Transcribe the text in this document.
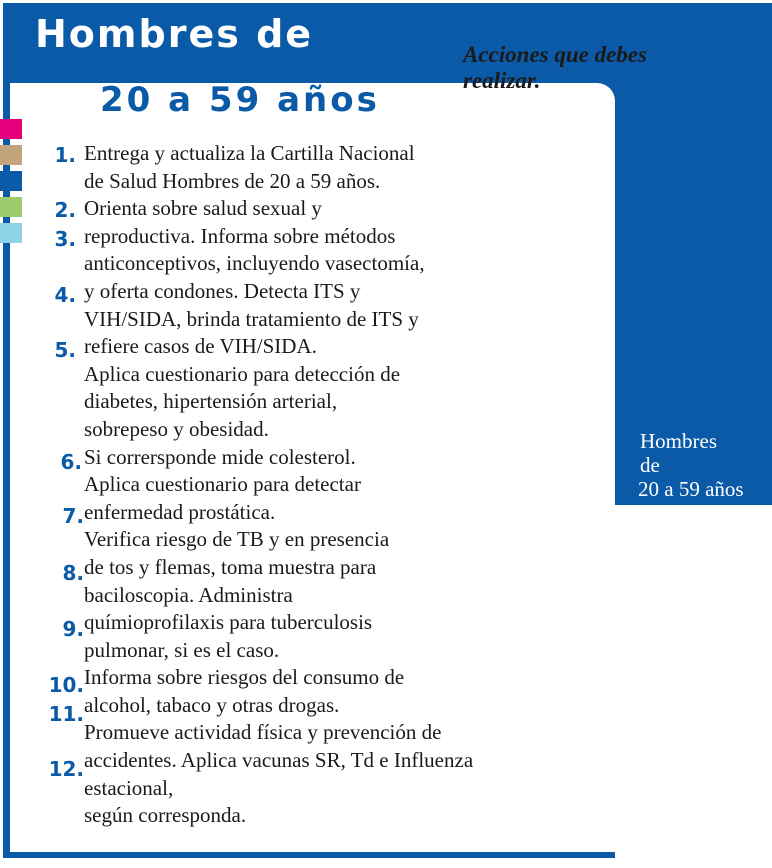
Hombres de
20 a 59 años
Acciones que debes realizar.
1.
2.
3.
4.
5.
6.
7.
8.
9.
10.
11.
12.
Entrega y actualiza la Cartilla Nacional
de Salud Hombres de 20 a 59 años.
Orienta sobre salud sexual y
reproductiva. Informa sobre métodos
anticonceptivos, incluyendo vasectomía,
y oferta condones. Detecta ITS y
VIH/SIDA, brinda tratamiento de ITS y
refiere casos de VIH/SIDA.
Aplica cuestionario para detección de
diabetes, hipertensión arterial,
sobrepeso y obesidad.
Si corrersponde mide colesterol.
Aplica cuestionario para detectar
enfermedad prostática.
Verifica riesgo de TB y en presencia
de tos y flemas, toma muestra para
baciloscopia. Administra
químioprofilaxis para tuberculosis
pulmonar, si es el caso.
Informa sobre riesgos del consumo de
alcohol, tabaco y otras drogas.
Promueve actividad física y prevención de
accidentes. Aplica vacunas SR, Td e Influenza
estacional,
según corresponda.
Hombres
de
20 a 59 años
